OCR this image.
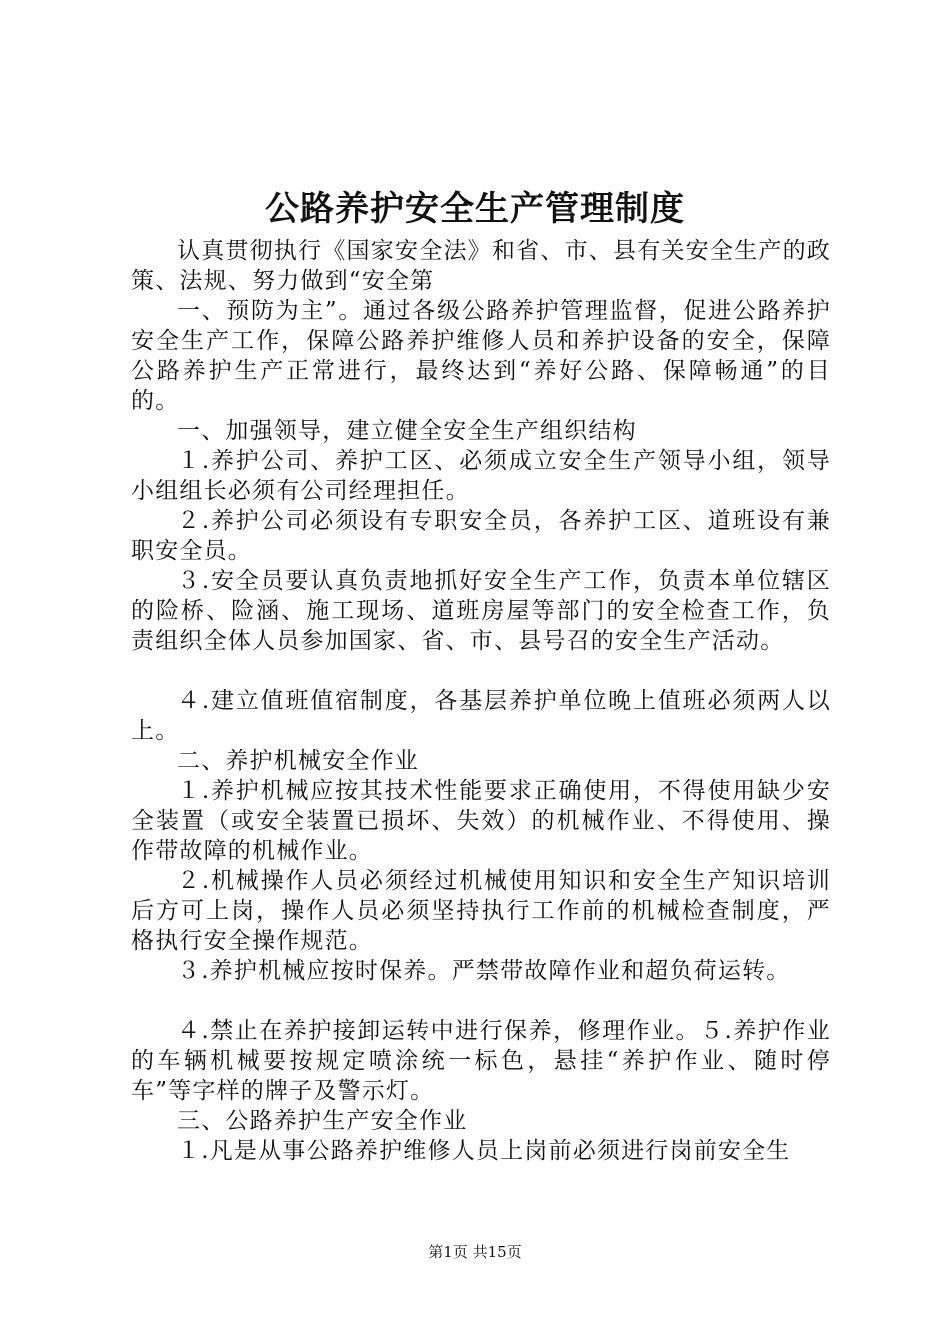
公路养护安全生产管理制度

认真贯彻执行《国家安全法》和省、市、县有关安全生产的政策、法规、努力做到“安全第

一、预防为主”。通过各级公路养护管理监督，促进公路养护安全生产工作，保障公路养护维修人员和养护设备的安全，保障公路养护生产正常进行，最终达到“养好公路、保障畅通”的目的。

一、加强领导，建立健全安全生产组织结构

１.养护公司、养护工区、必须成立安全生产领导小组，领导小组组长必须有公司经理担任。

２.养护公司必须设有专职安全员，各养护工区、道班设有兼职安全员。

３.安全员要认真负责地抓好安全生产工作，负责本单位辖区的险桥、险涵、施工现场、道班房屋等部门的安全检查工作，负责组织全体人员参加国家、省、市、县号召的安全生产活动。

４.建立值班值宿制度，各基层养护单位晚上值班必须两人以上。

二、养护机械安全作业

１.养护机械应按其技术性能要求正确使用，不得使用缺少安全装置（或安全装置已损坏、失效）的机械作业、不得使用、操作带故障的机械作业。

２.机械操作人员必须经过机械使用知识和安全生产知识培训后方可上岗，操作人员必须坚持执行工作前的机械检查制度，严格执行安全操作规范。

３.养护机械应按时保养。严禁带故障作业和超负荷运转。

４.禁止在养护接卸运转中进行保养，修理作业。５.养护作业的车辆机械要按规定喷涂统一标色，悬挂“养护作业、随时停车”等字样的牌子及警示灯。

三、公路养护生产安全作业

１.凡是从事公路养护维修人员上岗前必须进行岗前安全生

第1页 共15页
